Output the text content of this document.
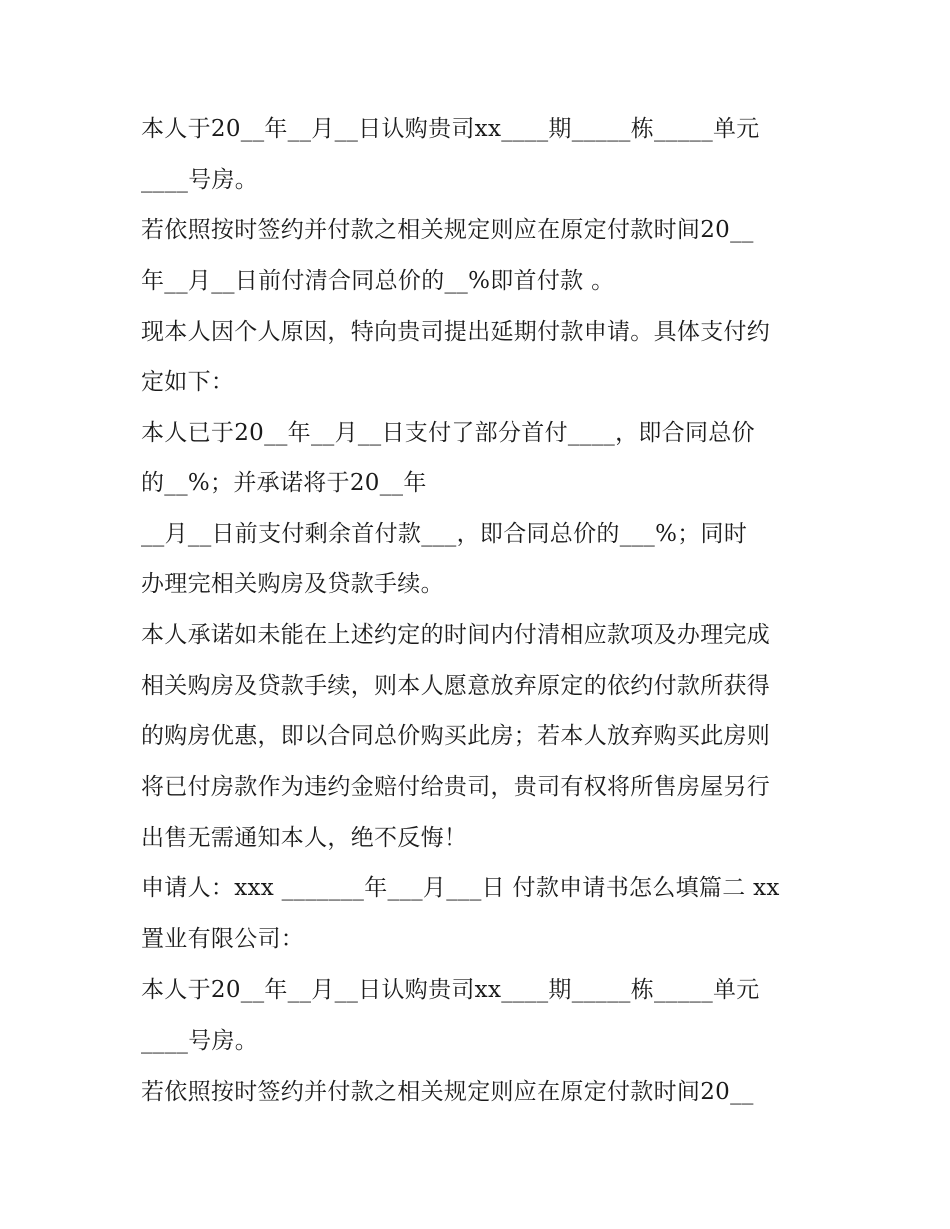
本人于20__年__月__日认购贵司xx____期_____栋_____单元
____号房。
若依照按时签约并付款之相关规定则应在原定付款时间20__
年__月__日前付清合同总价的__%即首付款 。
现本人因个人原因，特向贵司提出延期付款申请。具体支付约
定如下：
本人已于20__年__月__日支付了部分首付____，即合同总价
的__%；并承诺将于20__年
__月__日前支付剩余首付款___，即合同总价的___%；同时
办理完相关购房及贷款手续。
本人承诺如未能在上述约定的时间内付清相应款项及办理完成
相关购房及贷款手续，则本人愿意放弃原定的依约付款所获得
的购房优惠，即以合同总价购买此房；若本人放弃购买此房则
将已付房款作为违约金赔付给贵司，贵司有权将所售房屋另行
出售无需通知本人，绝不反悔！
申请人：xxx _______年___月___日 付款申请书怎么填篇二 xx
置业有限公司：
本人于20__年__月__日认购贵司xx____期_____栋_____单元
____号房。
若依照按时签约并付款之相关规定则应在原定付款时间20__
